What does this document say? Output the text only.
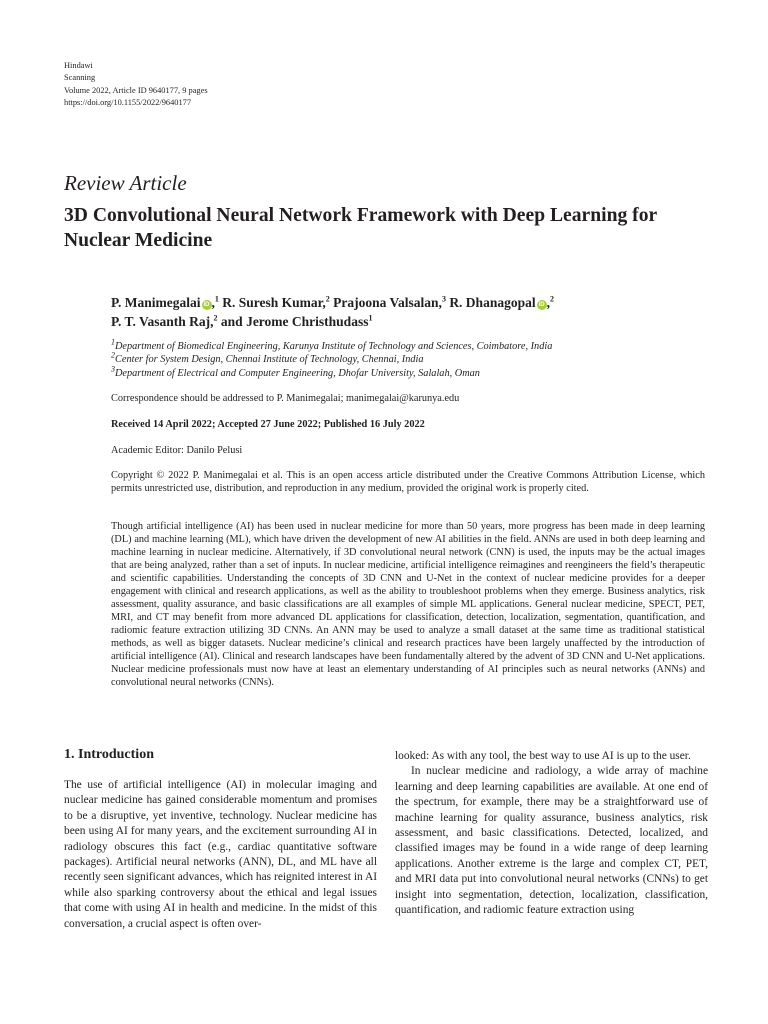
Hindawi
Scanning
Volume 2022, Article ID 9640177, 9 pages
https://doi.org/10.1155/2022/9640177
Review Article
3D Convolutional Neural Network Framework with Deep Learning for Nuclear Medicine
P. Manimegalai iD ,$^1$ R. Suresh Kumar,$^2$ Prajoona Valsalan,$^3$ R. Dhanagopal iD ,$^2$
P. T. Vasanth Raj,$^2$ and Jerome Christhudass$^1$
$^1$Department of Biomedical Engineering, Karunya Institute of Technology and Sciences, Coimbatore, India
$^2$Center for System Design, Chennai Institute of Technology, Chennai, India
$^3$Department of Electrical and Computer Engineering, Dhofar University, Salalah, Oman
Correspondence should be addressed to P. Manimegalai; manimegalai@karunya.edu
Received 14 April 2022; Accepted 27 June 2022; Published 16 July 2022
Academic Editor: Danilo Pelusi
Copyright © 2022 P. Manimegalai et al. This is an open access article distributed under the Creative Commons Attribution License, which permits unrestricted use, distribution, and reproduction in any medium, provided the original work is properly cited.
Though artificial intelligence (AI) has been used in nuclear medicine for more than 50 years, more progress has been made in deep learning (DL) and machine learning (ML), which have driven the development of new AI abilities in the field. ANNs are used in both deep learning and machine learning in nuclear medicine. Alternatively, if 3D convolutional neural network (CNN) is used, the inputs may be the actual images that are being analyzed, rather than a set of inputs. In nuclear medicine, artificial intelligence reimagines and reengineers the field’s therapeutic and scientific capabilities. Understanding the concepts of 3D CNN and U-Net in the context of nuclear medicine provides for a deeper engagement with clinical and research applications, as well as the ability to troubleshoot problems when they emerge. Business analytics, risk assessment, quality assurance, and basic classifications are all examples of simple ML applications. General nuclear medicine, SPECT, PET, MRI, and CT may benefit from more advanced DL applications for classification, detection, localization, segmentation, quantification, and radiomic feature extraction utilizing 3D CNNs. An ANN may be used to analyze a small dataset at the same time as traditional statistical methods, as well as bigger datasets. Nuclear medicine’s clinical and research practices have been largely unaffected by the introduction of artificial intelligence (AI). Clinical and research landscapes have been fundamentally altered by the advent of 3D CNN and U-Net applications. Nuclear medicine professionals must now have at least an elementary understanding of AI principles such as neural networks (ANNs) and convolutional neural networks (CNNs).
1. Introduction

The use of artificial intelligence (AI) in molecular imaging and nuclear medicine has gained considerable momentum and promises to be a disruptive, yet inventive, technology. Nuclear medicine has been using AI for many years, and the excitement surrounding AI in radiology obscures this fact (e.g., cardiac quantitative software packages). Artificial neural networks (ANN), DL, and ML have all recently seen significant advances, which has reignited interest in AI while also sparking controversy about the ethical and legal issues that come with using AI in health and medicine. In the midst of this conversation, a crucial aspect is often over-

looked: As with any tool, the best way to use AI is up to the user.

In nuclear medicine and radiology, a wide array of machine learning and deep learning capabilities are available. At one end of the spectrum, for example, there may be a straightforward use of machine learning for quality assurance, business analytics, risk assessment, and basic classifications. Detected, localized, and classified images may be found in a wide range of deep learning applications. Another extreme is the large and complex CT, PET, and MRI data put into convolutional neural networks (CNNs) to get insight into segmentation, detection, localization, classification, quantification, and radiomic feature extraction using
